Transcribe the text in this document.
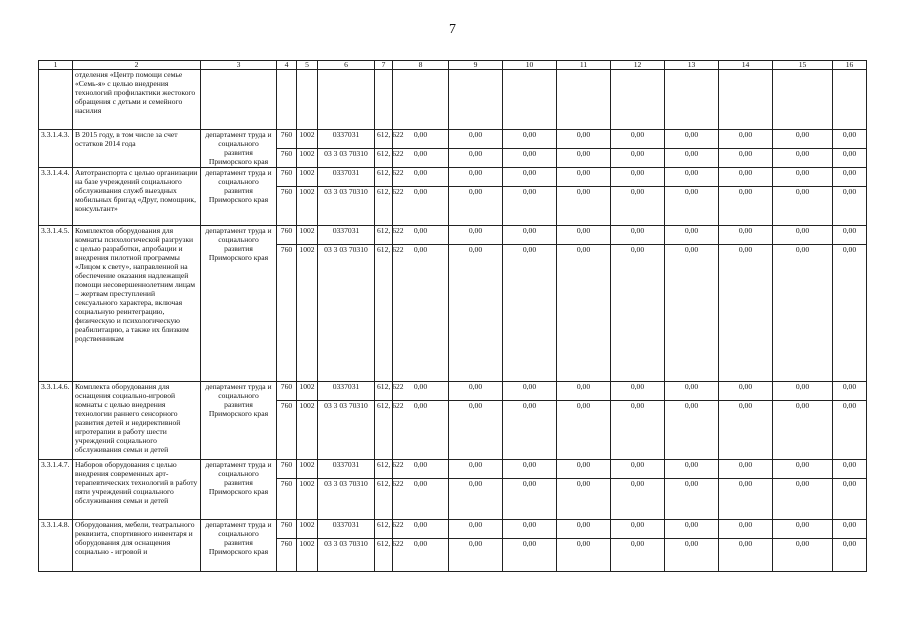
7
1	2	3	4	5	6	7	8	9	10	11	12	13	14	15	16
	отделения «Центр помощи семье «Семь-я» с целью внедрения технологий профилактики жестокого обращения с детьми и семейного насилия														
3.3.1.4.3.	В 2015 году, в том числе за счет остатков 2014 года	департамент труда и социального развития Приморского края	760	1002	0337031	612, 622	0,00	0,00	0,00	0,00	0,00	0,00	0,00	0,00	0,00
			760	1002	03 3 03 70310	612, 622	0,00	0,00	0,00	0,00	0,00	0,00	0,00	0,00	0,00
3.3.1.4.4.	Автотранспорта с целью организации на базе учреждений социального обслуживания служб выездных мобильных бригад «Друг, помощник, консультант»	департамент труда и социального развития Приморского края	760	1002	0337031	612, 622	0,00	0,00	0,00	0,00	0,00	0,00	0,00	0,00	0,00
			760	1002	03 3 03 70310	612, 622	0,00	0,00	0,00	0,00	0,00	0,00	0,00	0,00	0,00
3.3.1.4.5.	Комплектов оборудования для комнаты психологической разгрузки с целью разработки, апробации и внедрения пилотной программы «Лицом к свету», направленной на обеспечение оказания надлежащей помощи несовершеннолетним лицам – жертвам преступлений сексуального характера, включая социальную реинтеграцию, физическую и психологическую реабилитацию, а также их близким родственникам	департамент труда и социального развития Приморского края	760	1002	0337031	612, 622	0,00	0,00	0,00	0,00	0,00	0,00	0,00	0,00	0,00
			760	1002	03 3 03 70310	612, 622	0,00	0,00	0,00	0,00	0,00	0,00	0,00	0,00	0,00
3.3.1.4.6.	Комплекта оборудования для оснащения социально-игровой комнаты с целью внедрения технологии раннего сенсорного развития детей и недирективной игротерапии в работу шести учреждений социального обслуживания семьи и детей	департамент труда и социального развития Приморского края	760	1002	0337031	612, 622	0,00	0,00	0,00	0,00	0,00	0,00	0,00	0,00	0,00
			760	1002	03 3 03 70310	612, 622	0,00	0,00	0,00	0,00	0,00	0,00	0,00	0,00	0,00
3.3.1.4.7.	Наборов оборудования с целью внедрения современных арт-терапевтических технологий в работу пяти учреждений социального обслуживания семьи и детей	департамент труда и социального развития Приморского края	760	1002	0337031	612, 622	0,00	0,00	0,00	0,00	0,00	0,00	0,00	0,00	0,00
			760	1002	03 3 03 70310	612, 622	0,00	0,00	0,00	0,00	0,00	0,00	0,00	0,00	0,00
3.3.1.4.8.	Оборудования, мебели, театрального реквизита, спортивного инвентаря и оборудования для оснащения социально - игровой и	департамент труда и социального развития Приморского края	760	1002	0337031	612, 622	0,00	0,00	0,00	0,00	0,00	0,00	0,00	0,00	0,00
			760	1002	03 3 03 70310	612, 622	0,00	0,00	0,00	0,00	0,00	0,00	0,00	0,00	0,00
